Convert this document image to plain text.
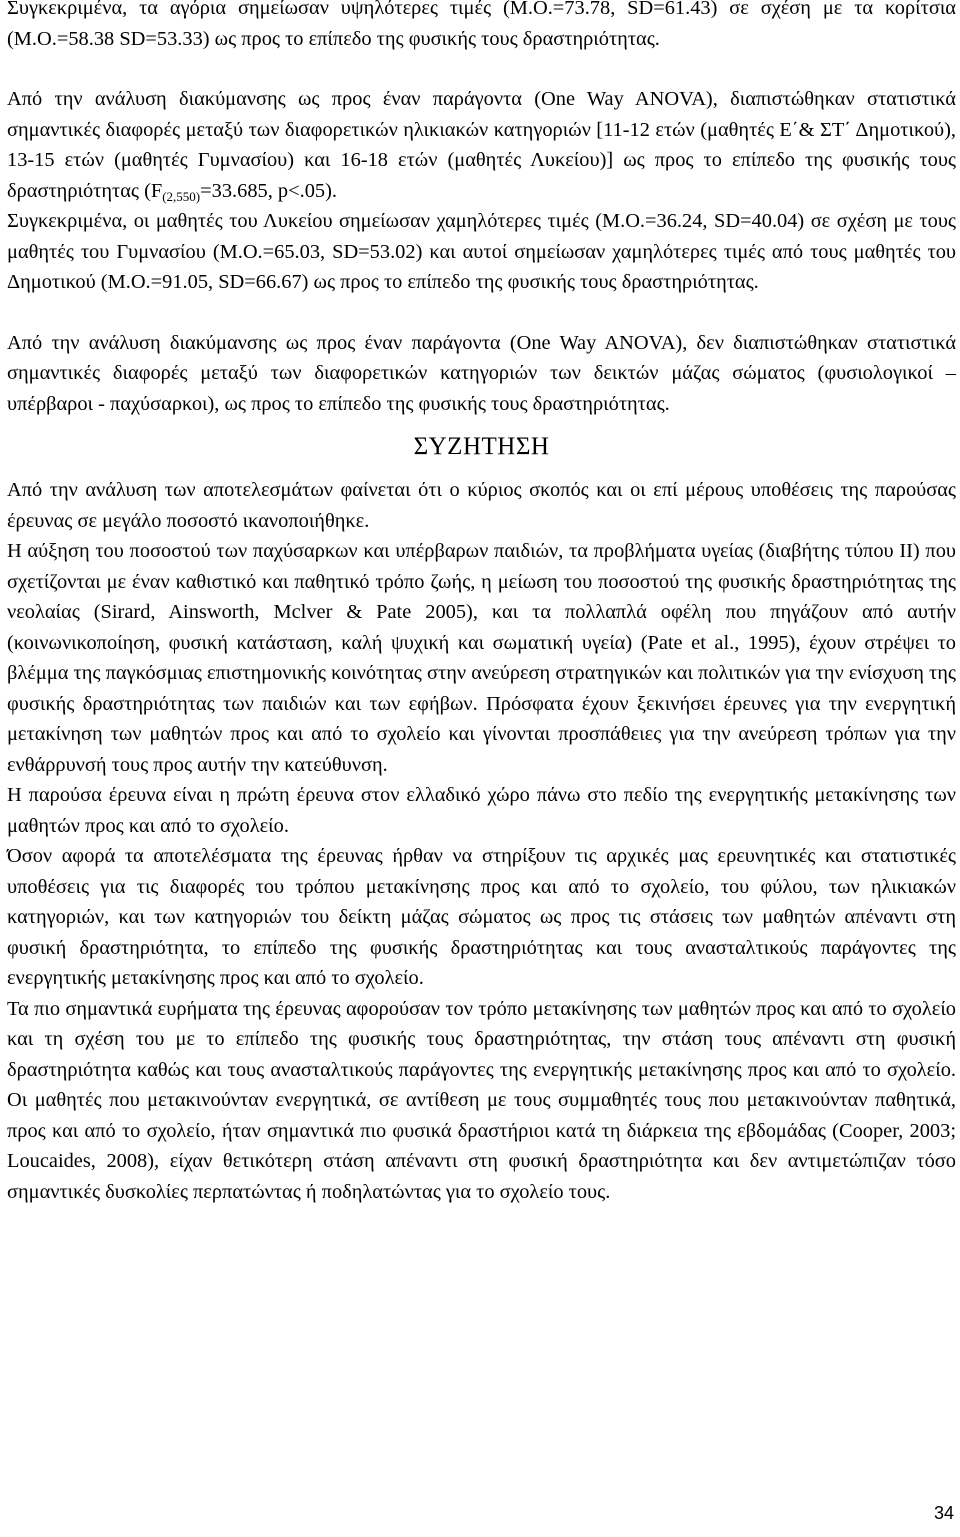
Συγκεκριμένα, τα αγόρια σημείωσαν υψηλότερες τιμές (Μ.Ο.=73.78, SD=61.43) σε σχέση με τα κορίτσια (Μ.Ο.=58.38 SD=53.33) ως προς το επίπεδο της φυσικής τους δραστηριότητας.

Από την ανάλυση διακύμανσης ως προς έναν παράγοντα (One Way ANOVA), διαπιστώθηκαν στατιστικά σημαντικές διαφορές μεταξύ των διαφορετικών ηλικιακών κατηγοριών [11-12 ετών (μαθητές Ε΄& ΣΤ΄ Δημοτικού), 13-15 ετών (μαθητές Γυμνασίου) και 16-18 ετών (μαθητές Λυκείου)] ως προς το επίπεδο της φυσικής τους δραστηριότητας ($F_{(2,550)}=33.685$, p<.05).

Συγκεκριμένα, οι μαθητές του Λυκείου σημείωσαν χαμηλότερες τιμές (Μ.Ο.=36.24, SD=40.04) σε σχέση με τους μαθητές του Γυμνασίου (Μ.Ο.=65.03, SD=53.02) και αυτοί σημείωσαν χαμηλότερες τιμές από τους μαθητές του Δημοτικού (Μ.Ο.=91.05, SD=66.67) ως προς το επίπεδο της φυσικής τους δραστηριότητας.

Από την ανάλυση διακύμανσης ως προς έναν παράγοντα (One Way ANOVA), δεν διαπιστώθηκαν στατιστικά σημαντικές διαφορές μεταξύ των διαφορετικών κατηγοριών των δεικτών μάζας σώματος (φυσιολογικοί – υπέρβαροι - παχύσαρκοι), ως προς το επίπεδο της φυσικής τους δραστηριότητας.

ΣΥΖΗΤΗΣΗ

Από την ανάλυση των αποτελεσμάτων φαίνεται ότι ο κύριος σκοπός και οι επί μέρους υποθέσεις της παρούσας έρευνας σε μεγάλο ποσοστό ικανοποιήθηκε.

Η αύξηση του ποσοστού των παχύσαρκων και υπέρβαρων παιδιών, τα προβλήματα υγείας (διαβήτης τύπου ΙΙ) που σχετίζονται με έναν καθιστικό και παθητικό τρόπο ζωής, η μείωση του ποσοστού της φυσικής δραστηριότητας της νεολαίας (Sirard, Ainsworth, Mclver & Pate 2005), και τα πολλαπλά οφέλη που πηγάζουν από αυτήν (κοινωνικοποίηση, φυσική κατάσταση, καλή ψυχική και σωματική υγεία) (Pate et al., 1995), έχουν στρέψει το βλέμμα της παγκόσμιας επιστημονικής κοινότητας στην ανεύρεση στρατηγικών και πολιτικών για την ενίσχυση της φυσικής δραστηριότητας των παιδιών και των εφήβων. Πρόσφατα έχουν ξεκινήσει έρευνες για την ενεργητική μετακίνηση των μαθητών προς και από το σχολείο και γίνονται προσπάθειες για την ανεύρεση τρόπων για την ενθάρρυνσή τους προς αυτήν την κατεύθυνση.

Η παρούσα έρευνα είναι η πρώτη έρευνα στον ελλαδικό χώρο πάνω στο πεδίο της ενεργητικής μετακίνησης των μαθητών προς και από το σχολείο.

Όσον αφορά τα αποτελέσματα της έρευνας ήρθαν να στηρίξουν τις αρχικές μας ερευνητικές και στατιστικές υποθέσεις για τις διαφορές του τρόπου μετακίνησης προς και από το σχολείο, του φύλου, των ηλικιακών κατηγοριών, και των κατηγοριών του δείκτη μάζας σώματος ως προς τις στάσεις των μαθητών απέναντι στη φυσική δραστηριότητα, το επίπεδο της φυσικής δραστηριότητας και τους ανασταλτικούς παράγοντες της ενεργητικής μετακίνησης προς και από το σχολείο.

Τα πιο σημαντικά ευρήματα της έρευνας αφορούσαν τον τρόπο μετακίνησης των μαθητών προς και από το σχολείο και τη σχέση του με το επίπεδο της φυσικής τους δραστηριότητας, την στάση τους απέναντι στη φυσική δραστηριότητα καθώς και τους ανασταλτικούς παράγοντες της ενεργητικής μετακίνησης προς και από το σχολείο. Οι μαθητές που μετακινούνταν ενεργητικά, σε αντίθεση με τους συμμαθητές τους που μετακινούνταν παθητικά, προς και από το σχολείο, ήταν σημαντικά πιο φυσικά δραστήριοι κατά τη διάρκεια της εβδομάδας (Cooper, 2003; Loucaides, 2008), είχαν θετικότερη στάση απέναντι στη φυσική δραστηριότητα και δεν αντιμετώπιζαν τόσο σημαντικές δυσκολίες περπατώντας ή ποδηλατώντας για το σχολείο τους.

34
